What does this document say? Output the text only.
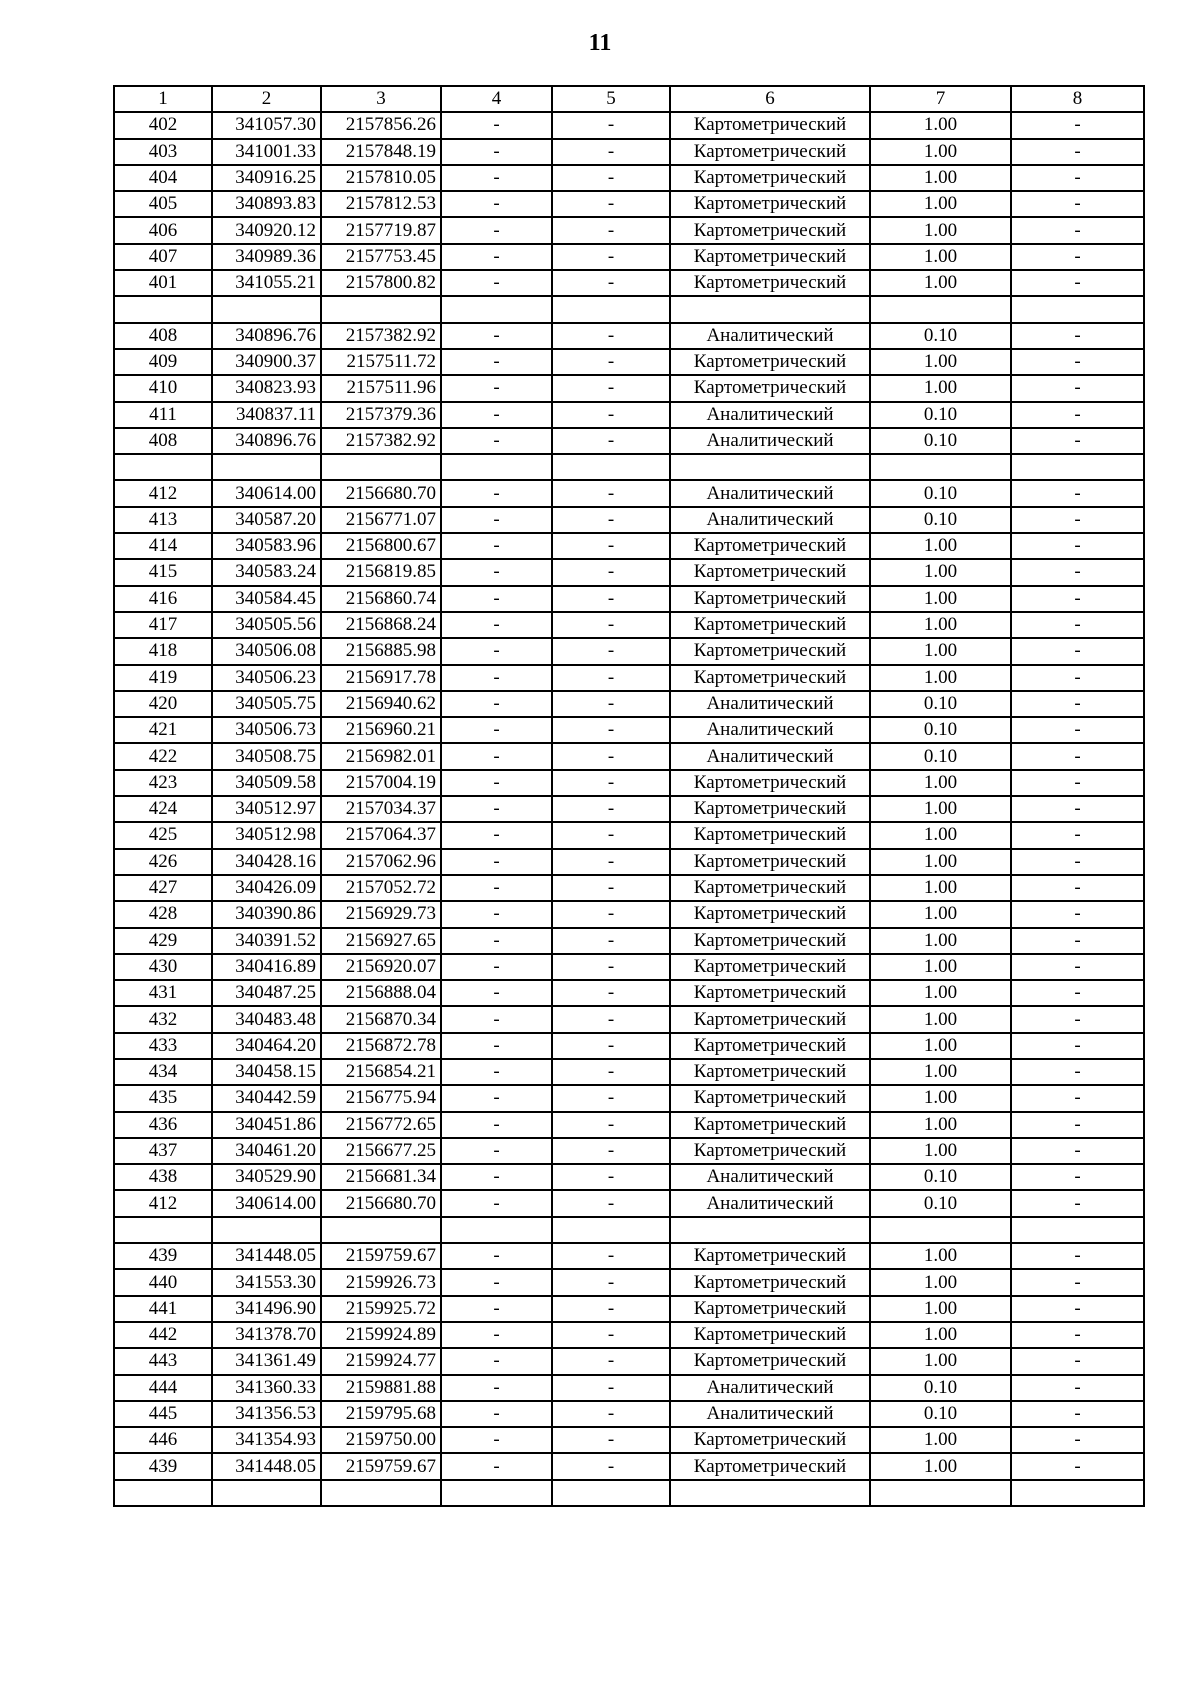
11
1	2	3	4	5	6	7	8
402	341057.30	2157856.26	-	-	Картометрический	1.00	-
403	341001.33	2157848.19	-	-	Картометрический	1.00	-
404	340916.25	2157810.05	-	-	Картометрический	1.00	-
405	340893.83	2157812.53	-	-	Картометрический	1.00	-
406	340920.12	2157719.87	-	-	Картометрический	1.00	-
407	340989.36	2157753.45	-	-	Картометрический	1.00	-
401	341055.21	2157800.82	-	-	Картометрический	1.00	-

408	340896.76	2157382.92	-	-	Аналитический	0.10	-
409	340900.37	2157511.72	-	-	Картометрический	1.00	-
410	340823.93	2157511.96	-	-	Картометрический	1.00	-
411	340837.11	2157379.36	-	-	Аналитический	0.10	-
408	340896.76	2157382.92	-	-	Аналитический	0.10	-

412	340614.00	2156680.70	-	-	Аналитический	0.10	-
413	340587.20	2156771.07	-	-	Аналитический	0.10	-
414	340583.96	2156800.67	-	-	Картометрический	1.00	-
415	340583.24	2156819.85	-	-	Картометрический	1.00	-
416	340584.45	2156860.74	-	-	Картометрический	1.00	-
417	340505.56	2156868.24	-	-	Картометрический	1.00	-
418	340506.08	2156885.98	-	-	Картометрический	1.00	-
419	340506.23	2156917.78	-	-	Картометрический	1.00	-
420	340505.75	2156940.62	-	-	Аналитический	0.10	-
421	340506.73	2156960.21	-	-	Аналитический	0.10	-
422	340508.75	2156982.01	-	-	Аналитический	0.10	-
423	340509.58	2157004.19	-	-	Картометрический	1.00	-
424	340512.97	2157034.37	-	-	Картометрический	1.00	-
425	340512.98	2157064.37	-	-	Картометрический	1.00	-
426	340428.16	2157062.96	-	-	Картометрический	1.00	-
427	340426.09	2157052.72	-	-	Картометрический	1.00	-
428	340390.86	2156929.73	-	-	Картометрический	1.00	-
429	340391.52	2156927.65	-	-	Картометрический	1.00	-
430	340416.89	2156920.07	-	-	Картометрический	1.00	-
431	340487.25	2156888.04	-	-	Картометрический	1.00	-
432	340483.48	2156870.34	-	-	Картометрический	1.00	-
433	340464.20	2156872.78	-	-	Картометрический	1.00	-
434	340458.15	2156854.21	-	-	Картометрический	1.00	-
435	340442.59	2156775.94	-	-	Картометрический	1.00	-
436	340451.86	2156772.65	-	-	Картометрический	1.00	-
437	340461.20	2156677.25	-	-	Картометрический	1.00	-
438	340529.90	2156681.34	-	-	Аналитический	0.10	-
412	340614.00	2156680.70	-	-	Аналитический	0.10	-

439	341448.05	2159759.67	-	-	Картометрический	1.00	-
440	341553.30	2159926.73	-	-	Картометрический	1.00	-
441	341496.90	2159925.72	-	-	Картометрический	1.00	-
442	341378.70	2159924.89	-	-	Картометрический	1.00	-
443	341361.49	2159924.77	-	-	Картометрический	1.00	-
444	341360.33	2159881.88	-	-	Аналитический	0.10	-
445	341356.53	2159795.68	-	-	Аналитический	0.10	-
446	341354.93	2159750.00	-	-	Картометрический	1.00	-
439	341448.05	2159759.67	-	-	Картометрический	1.00	-
